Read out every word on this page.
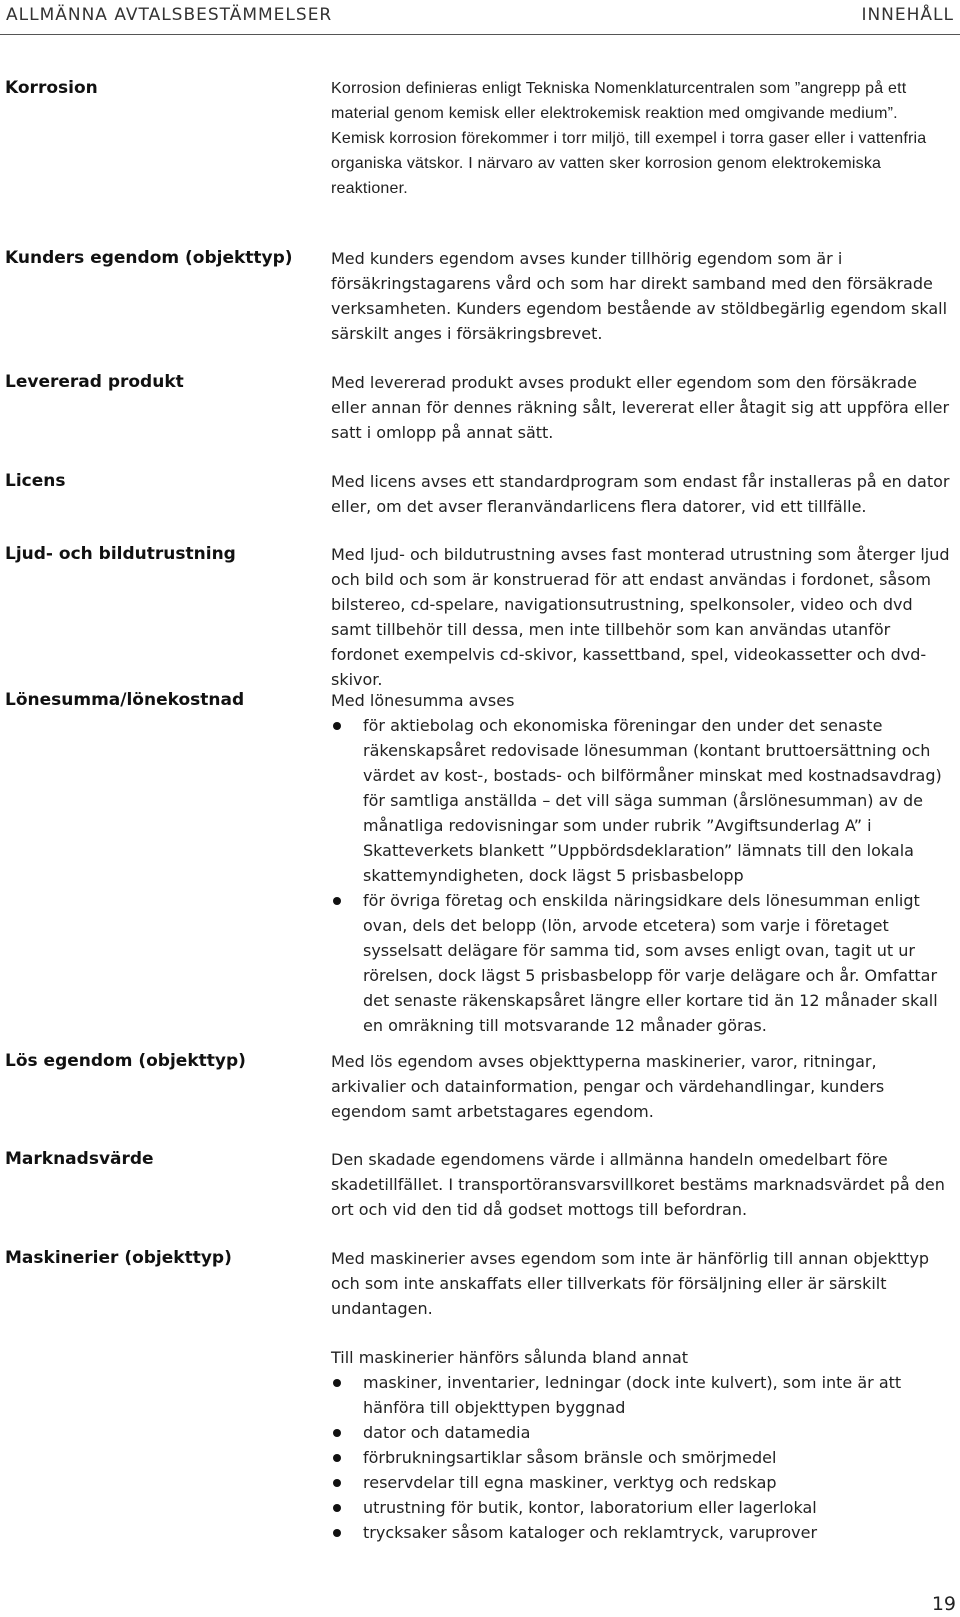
ALLMÄNNA AVTALSBESTÄMMELSER	INNEHÅLL
Korrosion	Korrosion definieras enligt Tekniska Nomenklaturcentralen som ”angrepp på ett material genom kemisk eller elektrokemisk reaktion med omgivande medium”. Kemisk korrosion förekommer i torr miljö, till exempel i torra gaser eller i vattenfria organiska vätskor. I närvaro av vatten sker korrosion genom elektrokemiska reaktioner.
Kunders egendom (objekttyp)	Med kunders egendom avses kunder tillhörig egendom som är i försäkringstagarens vård och som har direkt samband med den försäkrade verksamheten. Kunders egendom bestående av stöldbegärlig egendom skall särskilt anges i försäkringsbrevet.
Levererad produkt	Med levererad produkt avses produkt eller egendom som den försäkrade eller annan för dennes räkning sålt, levererat eller åtagit sig att uppföra eller satt i omlopp på annat sätt.
Licens	Med licens avses ett standardprogram som endast får installeras på en dator eller, om det avser fleranvändarlicens flera datorer, vid ett tillfälle.
Ljud- och bildutrustning	Med ljud- och bildutrustning avses fast monterad utrustning som återger ljud och bild och som är konstruerad för att endast användas i fordonet, såsom bilstereo, cd-spelare, navigationsutrustning, spelkonsoler, video och dvd samt tillbehör till dessa, men inte tillbehör som kan användas utanför fordonet exempelvis cd-skivor, kassettband, spel, videokassetter och dvd-skivor.
Lönesumma/lönekostnad	Med lönesumma avses

för aktiebolag och ekonomiska föreningar den under det senaste räkenskapsåret redovisade lönesumman (kontant bruttoersättning och värdet av kost-, bostads- och bilförmåner minskat med kostnadsavdrag) för samtliga anställda – det vill säga summan (årslönesumman) av de månatliga redovisningar som under rubrik ”Avgiftsunderlag A” i Skatteverkets blankett ”Uppbördsdeklaration” lämnats till den lokala skattemyndigheten, dock lägst 5 prisbasbelopp
för övriga företag och enskilda näringsidkare dels lönesumman enligt ovan, dels det belopp (lön, arvode etcetera) som varje i företaget sysselsatt delägare för samma tid, som avses enligt ovan, tagit ut ur rörelsen, dock lägst 5 prisbasbelopp för varje delägare och år. Omfattar det senaste räkenskapsåret längre eller kortare tid än 12 månader skall en omräkning till motsvarande 12 månader göras.
Lös egendom (objekttyp)	Med lös egendom avses objekttyperna maskinerier, varor, ritningar, arkivalier och datainformation, pengar och värdehandlingar, kunders egendom samt arbetstagares egendom.
Marknadsvärde	Den skadade egendomens värde i allmänna handeln omedelbart före skadetillfället. I transportöransvarsvillkoret bestäms marknadsvärdet på den ort och vid den tid då godset mottogs till befordran.
Maskinerier (objekttyp)	Med maskinerier avses egendom som inte är hänförlig till annan objekttyp och som inte anskaffats eller tillverkats för försäljning eller är särskilt undantagen.

Till maskinerier hänförs sålunda bland annat

maskiner, inventarier, ledningar (dock inte kulvert), som inte är att hänföra till objekttypen byggnad
dator och datamedia
förbrukningsartiklar såsom bränsle och smörjmedel
reservdelar till egna maskiner, verktyg och redskap
utrustning för butik, kontor, laboratorium eller lagerlokal
trycksaker såsom kataloger och reklamtryck, varuprover
19
